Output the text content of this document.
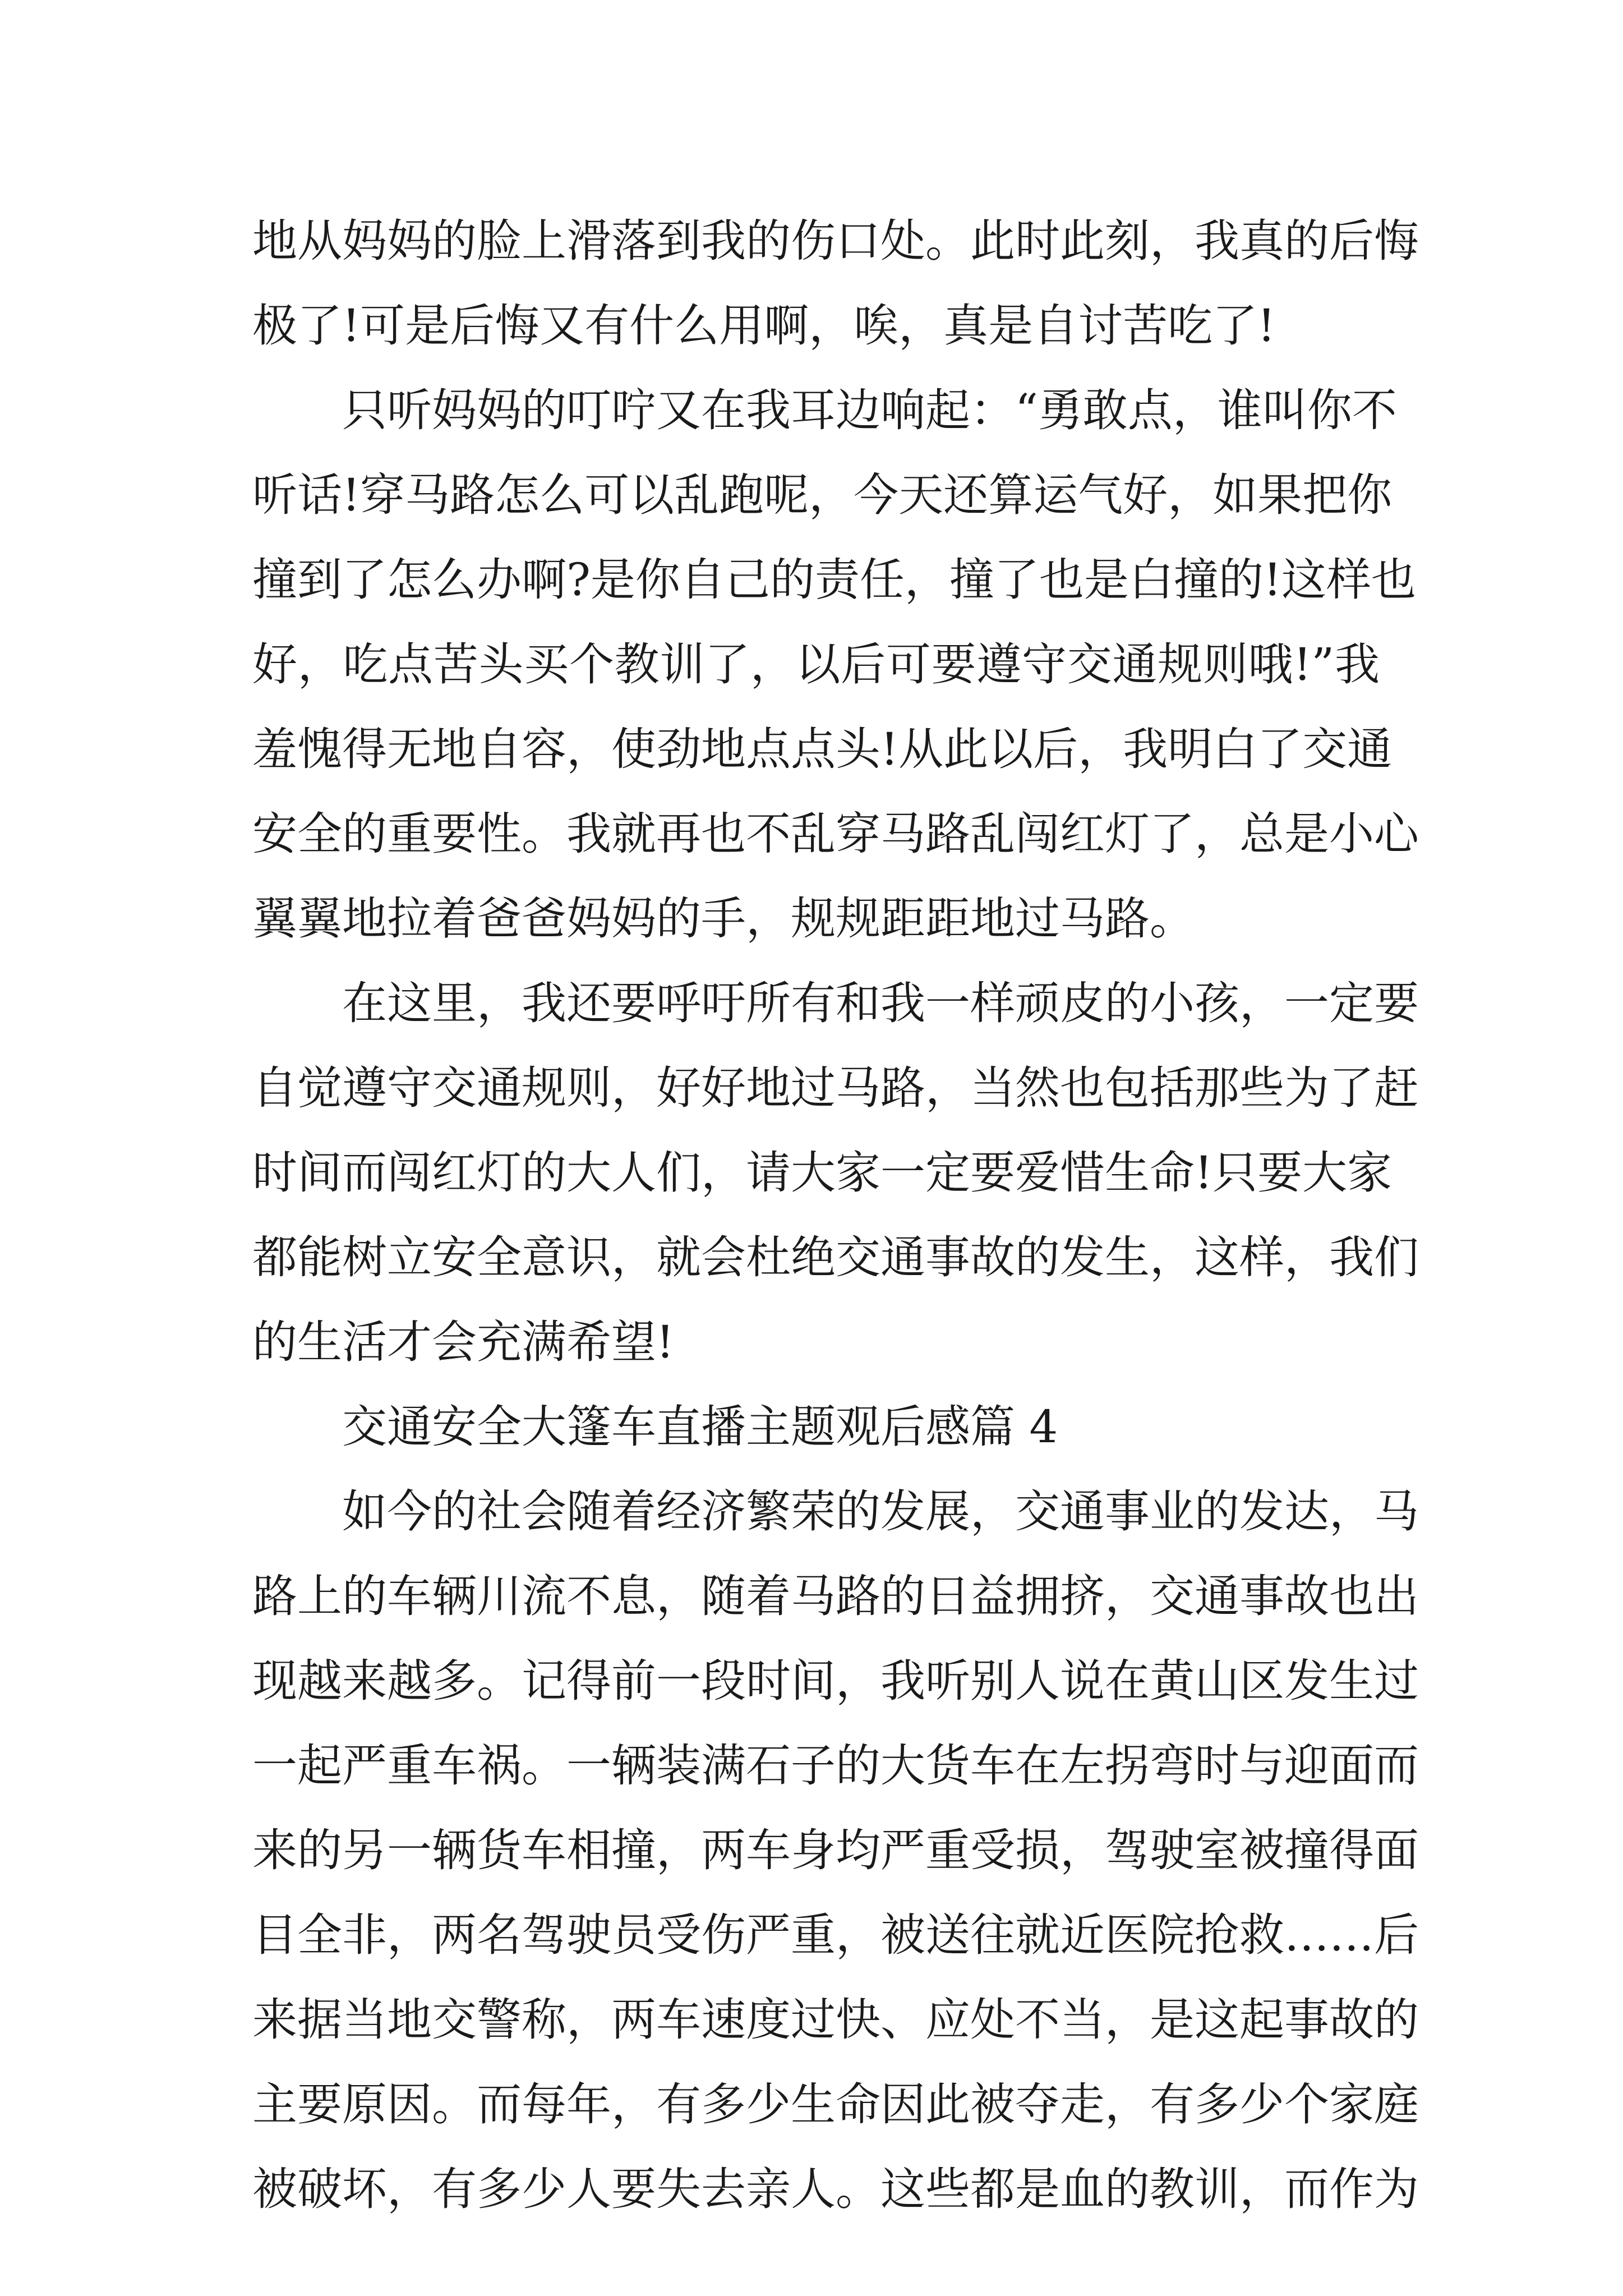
地从妈妈的脸上滑落到我的伤口处。此时此刻，我真的后悔
极了!可是后悔又有什么用啊，唉，真是自讨苦吃了!
只听妈妈的叮咛又在我耳边响起：“勇敢点，谁叫你不
听话!穿马路怎么可以乱跑呢，今天还算运气好，如果把你
撞到了怎么办啊?是你自己的责任，撞了也是白撞的!这样也
好，吃点苦头买个教训了，以后可要遵守交通规则哦!”我
羞愧得无地自容，使劲地点点头!从此以后，我明白了交通
安全的重要性。我就再也不乱穿马路乱闯红灯了，总是小心
翼翼地拉着爸爸妈妈的手，规规距距地过马路。
在这里，我还要呼吁所有和我一样顽皮的小孩，一定要
自觉遵守交通规则，好好地过马路，当然也包括那些为了赶
时间而闯红灯的大人们，请大家一定要爱惜生命!只要大家
都能树立安全意识，就会杜绝交通事故的发生，这样，我们
的生活才会充满希望!
交通安全大篷车直播主题观后感篇 4
如今的社会随着经济繁荣的发展，交通事业的发达，马
路上的车辆川流不息，随着马路的日益拥挤，交通事故也出
现越来越多。记得前一段时间，我听别人说在黄山区发生过
一起严重车祸。一辆装满石子的大货车在左拐弯时与迎面而
来的另一辆货车相撞，两车身均严重受损，驾驶室被撞得面
目全非，两名驾驶员受伤严重，被送往就近医院抢救……后
来据当地交警称，两车速度过快、应处不当，是这起事故的
主要原因。而每年，有多少生命因此被夺走，有多少个家庭
被破坏，有多少人要失去亲人。这些都是血的教训，而作为
